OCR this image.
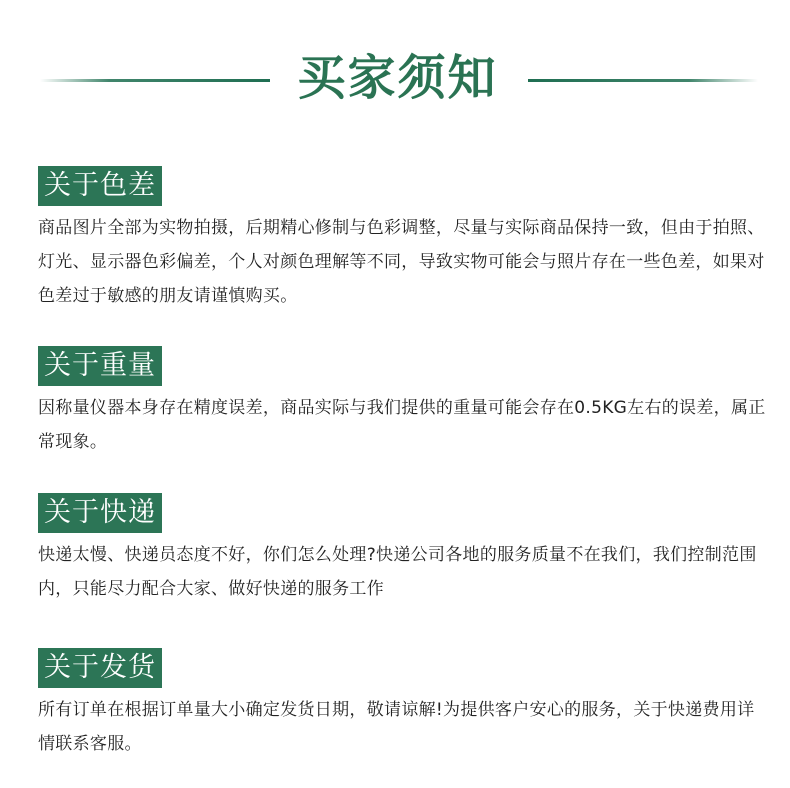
买家须知
关于色差
商品图片全部为实物拍摄，后期精心修制与色彩调整，尽量与实际商品保持一致，但由于拍照、灯光、显示器色彩偏差，个人对颜色理解等不同，导致实物可能会与照片存在一些色差，如果对色差过于敏感的朋友请谨慎购买。
关于重量
因称量仪器本身存在精度误差，商品实际与我们提供的重量可能会存在0.5KG左右的误差，属正常现象。
关于快递
快递太慢、快递员态度不好，你们怎么处理?快递公司各地的服务质量不在我们，我们控制范围内，只能尽力配合大家、做好快递的服务工作
关于发货
所有订单在根据订单量大小确定发货日期，敬请谅解!为提供客户安心的服务，关于快递费用详情联系客服。
